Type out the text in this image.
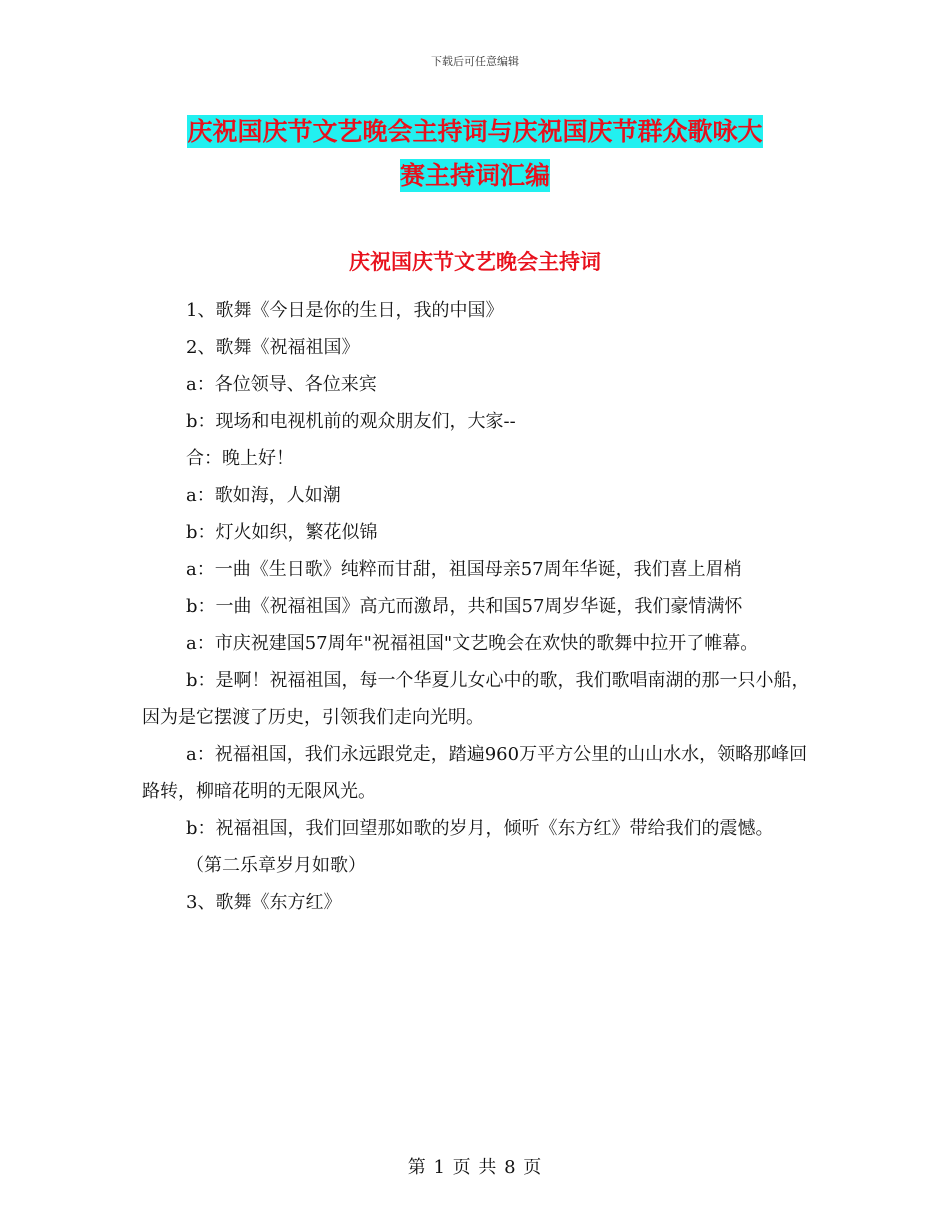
下载后可任意编辑
庆祝国庆节文艺晚会主持词与庆祝国庆节群众歌咏大
赛主持词汇编
庆祝国庆节文艺晚会主持词

1、歌舞《今日是你的生日，我的中国》

2、歌舞《祝福祖国》

a：各位领导、各位来宾

b：现场和电视机前的观众朋友们，大家--

合：晚上好！

a：歌如海，人如潮

b：灯火如织，繁花似锦

a：一曲《生日歌》纯粹而甘甜，祖国母亲57周年华诞，我们喜上眉梢

b：一曲《祝福祖国》高亢而激昂，共和国57周岁华诞，我们豪情满怀

a：市庆祝建国57周年"祝福祖国"文艺晚会在欢快的歌舞中拉开了帷幕。

b：是啊！祝福祖国，每一个华夏儿女心中的歌，我们歌唱南湖的那一只小船，因为是它摆渡了历史，引领我们走向光明。

a：祝福祖国，我们永远跟党走，踏遍960万平方公里的山山水水，领略那峰回路转，柳暗花明的无限风光。

b：祝福祖国，我们回望那如歌的岁月，倾听《东方红》带给我们的震憾。

（第二乐章岁月如歌）

3、歌舞《东方红》

第 1 页 共 8 页
